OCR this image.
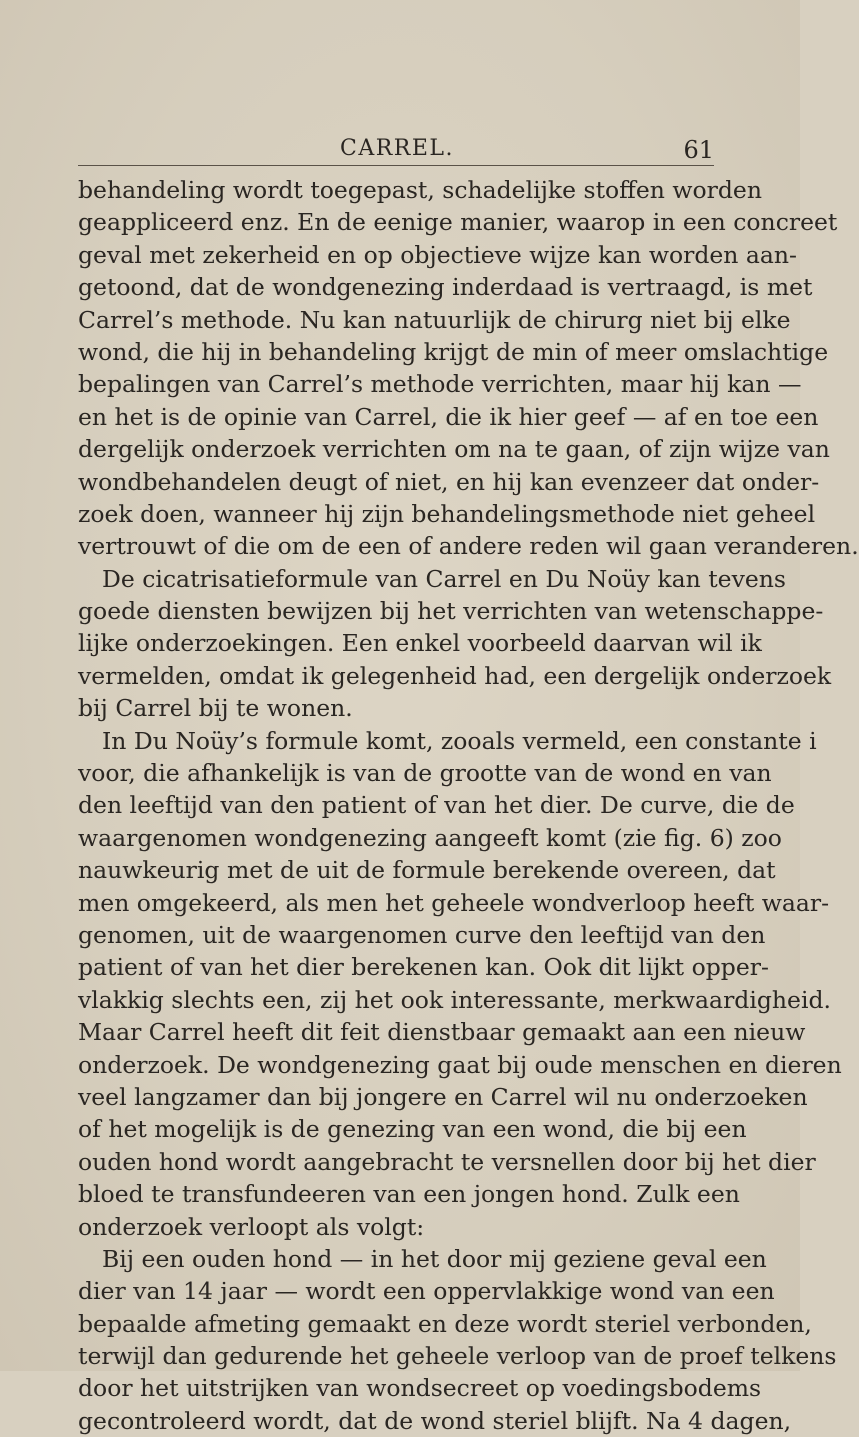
CARREL.	61
behandeling wordt toegepast, schadelijke stoffen worden
geappliceerd enz. En de eenige manier, waarop in een concreet
geval met zekerheid en op objectieve wijze kan worden aan-
getoond, dat de wondgenezing inderdaad is vertraagd, is met
Carrel’s methode. Nu kan natuurlijk de chirurg niet bij elke
wond, die hij in behandeling krijgt de min of meer omslachtige
bepalingen van Carrel’s methode verrichten, maar hij kan —
en het is de opinie van Carrel, die ik hier geef — af en toe een
dergelijk onderzoek verrichten om na te gaan, of zijn wijze van
wondbehandelen deugt of niet, en hij kan evenzeer dat onder-
zoek doen, wanneer hij zijn behandelingsmethode niet geheel
vertrouwt of die om de een of andere reden wil gaan veranderen.
De cicatrisatieformule van Carrel en Du Noüy kan tevens
goede diensten bewijzen bij het verrichten van wetenschappe-
lijke onderzoekingen. Een enkel voorbeeld daarvan wil ik
vermelden, omdat ik gelegenheid had, een dergelijk onderzoek
bij Carrel bij te wonen.
In Du Noüy’s formule komt, zooals vermeld, een constante i
voor, die afhankelijk is van de grootte van de wond en van
den leeftijd van den patient of van het dier. De curve, die de
waargenomen wondgenezing aangeeft komt (zie fig. 6) zoo
nauwkeurig met de uit de formule berekende overeen, dat
men omgekeerd, als men het geheele wondverloop heeft waar-
genomen, uit de waargenomen curve den leeftijd van den
patient of van het dier berekenen kan. Ook dit lijkt opper-
vlakkig slechts een, zij het ook interessante, merkwaardigheid.
Maar Carrel heeft dit feit dienstbaar gemaakt aan een nieuw
onderzoek. De wondgenezing gaat bij oude menschen en dieren
veel langzamer dan bij jongere en Carrel wil nu onderzoeken
of het mogelijk is de genezing van een wond, die bij een
ouden hond wordt aangebracht te versnellen door bij het dier
bloed te transfundeeren van een jongen hond. Zulk een
onderzoek verloopt als volgt:
Bij een ouden hond — in het door mij geziene geval een
dier van 14 jaar — wordt een oppervlakkige wond van een
bepaalde afmeting gemaakt en deze wordt steriel verbonden,
terwijl dan gedurende het geheele verloop van de proef telkens
door het uitstrijken van wondsecreet op voedingsbodems
gecontroleerd wordt, dat de wond steriel blijft. Na 4 dagen,
